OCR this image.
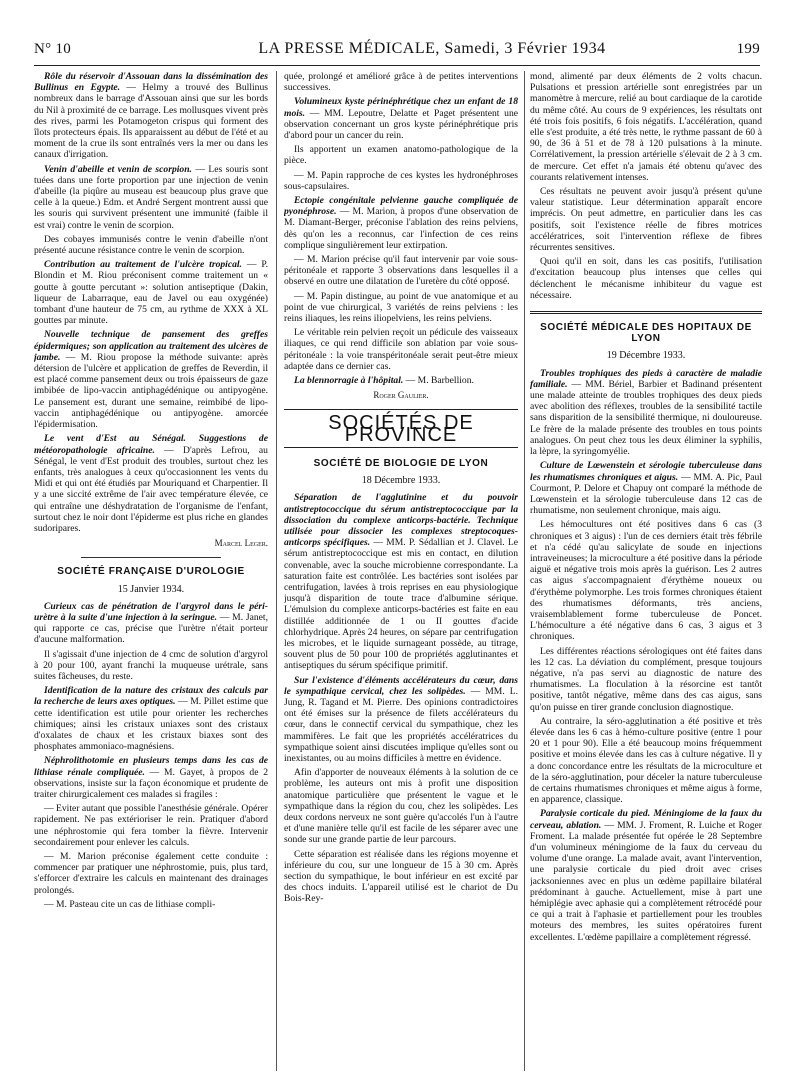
N° 10	LA PRESSE MÉDICALE, Samedi, 3 Février 1934	199

Rôle du réservoir d'Assouan dans la dissémination des Bullinus en Egypte. — Helmy a trouvé des Bullinus nombreux dans le barrage d'Assouan ainsi que sur les bords du Nil à proximité de ce barrage. Les mollusques vivent près des rives, parmi les Potamogeton crispus qui forment des îlots protecteurs épais. Ils apparaissent au début de l'été et au moment de la crue ils sont entraînés vers la mer ou dans les canaux d'irrigation.

Venin d'abeille et venin de scorpion. — Les souris sont tuées dans une forte proportion par une injection de venin d'abeille (la piqûre au museau est beaucoup plus grave que celle à la queue.) Edm. et André Sergent montrent aussi que les souris qui survivent présentent une immunité (faible il est vrai) contre le venin de scorpion.

Des cobayes immunisés contre le venin d'abeille n'ont présenté aucune résistance contre le venin de scorpion.

Contribution au traitement de l'ulcère tropical. — P. Blondin et M. Riou préconisent comme traitement un « goutte à goutte percutant »: solution antiseptique (Dakin, liqueur de Labarraque, eau de Javel ou eau oxygénée) tombant d'une hauteur de 75 cm, au rythme de XXX à XL gouttes par minute.

Nouvelle technique de pansement des greffes épidermiques; son application au traitement des ulcères de jambe. — M. Riou propose la méthode suivante: après détersion de l'ulcère et application de greffes de Reverdin, il est placé comme pansement deux ou trois épaisseurs de gaze imbibée de lipo-vaccin antiphagédénique ou antipyogène. Le pansement est, durant une semaine, reimbibé de lipo-vaccin antiphagédénique ou antipyogène. amorcée l'épidermisation.

Le vent d'Est au Sénégal. Suggestions de météoropathologie africaine. — D'après Lefrou, au Sénégal, le vent d'Est produit des troubles, surtout chez les enfants, très analogues à ceux qu'occasionnent les vents du Midi et qui ont été étudiés par Mouriquand et Charpentier. Il y a une siccité extrême de l'air avec température élevée, ce qui entraîne une déshydratation de l'organisme de l'enfant, surtout chez le noir dont l'épiderme est plus riche en glandes sudoripares.

Marcel Leger.
SOCIÉTÉ FRANÇAISE D'UROLOGIE
15 Janvier 1934.

Curieux cas de pénétration de l'argyrol dans le péri-urètre à la suite d'une injection à la seringue. — M. Janet, qui rapporte ce cas, précise que l'urètre n'était porteur d'aucune malformation.

Il s'agissait d'une injection de 4 cmc de solution d'argyrol à 20 pour 100, ayant franchi la muqueuse urétrale, sans suites fâcheuses, du reste.

Identification de la nature des cristaux des calculs par la recherche de leurs axes optiques. — M. Pillet estime que cette identification est utile pour orienter les recherches chimiques; ainsi les cristaux uniaxes sont des cristaux d'oxalates de chaux et les cristaux biaxes sont des phosphates ammoniaco-magnésiens.

Néphrolithotomie en plusieurs temps dans les cas de lithiase rénale compliquée. — M. Gayet, à propos de 2 observations, insiste sur la façon économique et prudente de traiter chirurgicalement ces malades si fragiles :

— Eviter autant que possible l'anesthésie générale. Opérer rapidement. Ne pas extérioriser le rein. Pratiquer d'abord une néphrostomie qui fera tomber la fièvre. Intervenir secondairement pour enlever les calculs.

— M. Marion préconise également cette conduite : commencer par pratiquer une néphrostomie, puis, plus tard, s'efforcer d'extraire les calculs en maintenant des drainages prolongés.

— M. Pasteau cite un cas de lithiase compli-

quée, prolongé et amélioré grâce à de petites interventions successives.

Volumineux kyste périnéphrétique chez un enfant de 18 mois. — MM. Lepoutre, Delatte et Paget présentent une observation concernant un gros kyste périnéphrétique pris d'abord pour un cancer du rein.

Ils apportent un examen anatomo-pathologique de la pièce.

— M. Papin rapproche de ces kystes les hydronéphroses sous-capsulaires.

Ectopie congénitale pelvienne gauche compliquée de pyonéphrose. — M. Marion, à propos d'une observation de M. Diamant-Berger, préconise l'ablation des reins pelviens, dès qu'on les a reconnus, car l'infection de ces reins complique singulièrement leur extirpation.

— M. Marion précise qu'il faut intervenir par voie sous-péritonéale et rapporte 3 observations dans lesquelles il a observé en outre une dilatation de l'uretère du côté opposé.

— M. Papin distingue, au point de vue anatomique et au point de vue chirurgical, 3 variétés de reins pelviens : les reins iliaques, les reins iliopelviens, les reins pelviens.

Le véritable rein pelvien reçoit un pédicule des vaisseaux iliaques, ce qui rend difficile son ablation par voie sous-péritonéale : la voie transpéritonéale serait peut-être mieux adaptée dans ce dernier cas.

La blennorragie à l'hôpital. — M. Barbellion.

Roger Gaulier.
SOCIÉTÉS DE PROVINCE
SOCIÉTÉ DE BIOLOGIE DE LYON
18 Décembre 1933.

Séparation de l'agglutinine et du pouvoir antistreptococcique du sérum antistreptococcique par la dissociation du complexe anticorps-bactérie. Technique utilisée pour dissocier les complexes streptocoques-anticorps spécifiques. — MM. P. Sédallian et J. Clavel. Le sérum antistreptococcique est mis en contact, en dilution convenable, avec la souche microbienne correspondante. La saturation faite est contrôlée. Les bactéries sont isolées par centrifugation, lavées à trois reprises en eau physiologique jusqu'à disparition de toute trace d'albumine sérique. L'émulsion du complexe anticorps-bactéries est faite en eau distillée additionnée de 1 ou II gouttes d'acide chlorhydrique. Après 24 heures, on sépare par centrifugation les microbes, et le liquide surnageant possède, au titrage, souvent plus de 50 pour 100 de propriétés agglutinantes et antiseptiques du sérum spécifique primitif.

Sur l'existence d'éléments accélérateurs du cœur, dans le sympathique cervical, chez les solipèdes. — MM. L. Jung, R. Tagand et M. Pierre. Des opinions contradictoires ont été émises sur la présence de filets accélérateurs du cœur, dans le connectif cervical du sympathique, chez les mammifères. Le fait que les propriétés accélératrices du sympathique soient ainsi discutées implique qu'elles sont ou inexistantes, ou au moins difficiles à mettre en évidence.

Afin d'apporter de nouveaux éléments à la solution de ce problème, les auteurs ont mis à profit une disposition anatomique particulière que présentent le vague et le sympathique dans la région du cou, chez les solipèdes. Les deux cordons nerveux ne sont guère qu'accolés l'un à l'autre et d'une manière telle qu'il est facile de les séparer avec une sonde sur une grande partie de leur parcours.

Cette séparation est réalisée dans les régions moyenne et inférieure du cou, sur une longueur de 15 à 30 cm. Après section du sympathique, le bout inférieur en est excité par des chocs induits. L'appareil utilisé est le chariot de Du Bois-Rey-

mond, alimenté par deux éléments de 2 volts chacun. Pulsations et pression artérielle sont enregistrées par un manomètre à mercure, relié au bout cardiaque de la carotide du même côté. Au cours de 9 expériences, les résultats ont été trois fois positifs, 6 fois négatifs. L'accélération, quand elle s'est produite, a été très nette, le rythme passant de 60 à 90, de 36 à 51 et de 78 à 120 pulsations à la minute. Corrélativement, la pression artérielle s'élevait de 2 à 3 cm. de mercure. Cet effet n'a jamais été obtenu qu'avec des courants relativement intenses.

Ces résultats ne peuvent avoir jusqu'à présent qu'une valeur statistique. Leur détermination apparaît encore imprécis. On peut admettre, en particulier dans les cas positifs, soit l'existence réelle de fibres motrices accélératrices, soit l'intervention réflexe de fibres récurrentes sensitives.

Quoi qu'il en soit, dans les cas positifs, l'utilisation d'excitation beaucoup plus intenses que celles qui déclenchent le mécanisme inhibiteur du vague est nécessaire.

SOCIÉTÉ MÉDICALE DES HOPITAUX DE LYON
19 Décembre 1933.

Troubles trophiques des pieds à caractère de maladie familiale. — MM. Bériel, Barbier et Badinand présentent une malade atteinte de troubles trophiques des deux pieds avec abolition des réflexes, troubles de la sensibilité tactile sans disparition de la sensibilité thermique, ni douloureuse. Le frère de la malade présente des troubles en tous points analogues. On peut chez tous les deux éliminer la syphilis, la lèpre, la syringomyélie.

Culture de Lœwenstein et sérologie tuberculeuse dans les rhumatismes chroniques et aigus. — MM. A. Pic, Paul Courmont, P. Delore et Chapuy ont comparé la méthode de Lœwenstein et la sérologie tuberculeuse dans 12 cas de rhumatisme, non seulement chronique, mais aigu.

Les hémocultures ont été positives dans 6 cas (3 chroniques et 3 aigus) : l'un de ces derniers était très fébrile et n'a cédé qu'au salicylate de soude en injections intraveineuses; la microculture a été positive dans la période aiguë et négative trois mois après la guérison. Les 2 autres cas aigus s'accompagnaient d'érythème noueux ou d'érythème polymorphe. Les trois formes chroniques étaient des rhumatismes déformants, très anciens, vraisemblablement forme tuberculeuse de Poncet. L'hémoculture a été négative dans 6 cas, 3 aigus et 3 chroniques.

Les différentes réactions sérologiques ont été faites dans les 12 cas. La déviation du complément, presque toujours négative, n'a pas servi au diagnostic de nature des rhumatismes. La floculation à la résorcine est tantôt positive, tantôt négative, même dans des cas aigus, sans qu'on puisse en tirer grande conclusion diagnostique.

Au contraire, la séro-agglutination a été positive et très élevée dans les 6 cas à hémo-culture positive (entre 1 pour 20 et 1 pour 90). Elle a été beaucoup moins fréquemment positive et moins élevée dans les cas à culture négative. Il y a donc concordance entre les résultats de la microculture et de la séro-agglutination, pour déceler la nature tuberculeuse de certains rhumatismes chroniques et même aigus à forme, en apparence, classique.

Paralysie corticale du pied. Méningiome de la faux du cerveau, ablation. — MM. J. Froment, R. Luiche et Roger Froment. La malade présentée fut opérée le 28 Septembre d'un volumineux méningiome de la faux du cerveau du volume d'une orange. La malade avait, avant l'intervention, une paralysie corticale du pied droit avec crises jacksoniennes avec en plus un œdème papillaire bilatéral prédominant à gauche. Actuellement, mise à part une hémiplégie avec aphasie qui a complètement rétrocédé pour ce qui a trait à l'aphasie et partiellement pour les troubles moteurs des membres, les suites opératoires furent excellentes. L'œdème papillaire a complètement régressé.
